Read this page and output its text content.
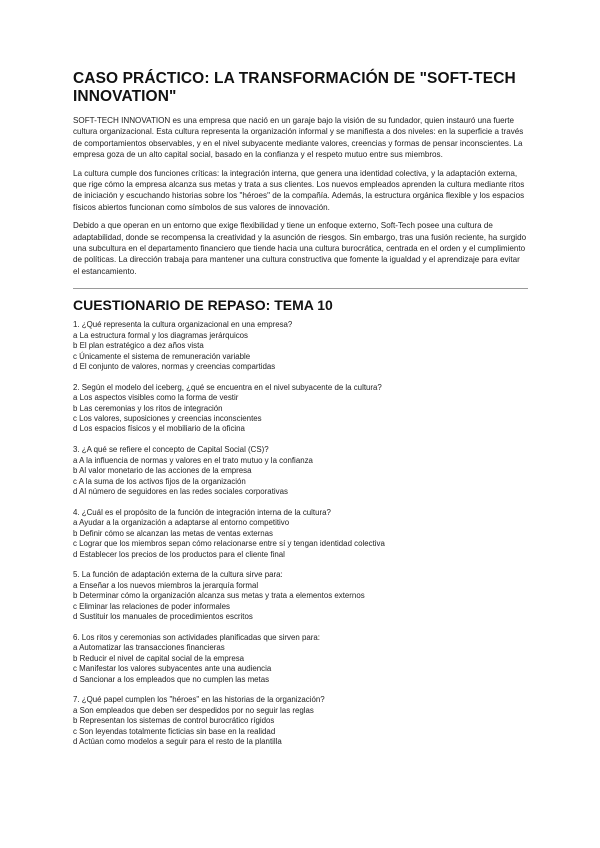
CASO PRÁCTICO: LA TRANSFORMACIÓN DE "SOFT-TECH INNOVATION"

SOFT-TECH INNOVATION es una empresa que nació en un garaje bajo la visión de su fundador, quien instauró una fuerte cultura organizacional. Esta cultura representa la organización informal y se manifiesta a dos niveles: en la superficie a través de comportamientos observables, y en el nivel subyacente mediante valores, creencias y formas de pensar inconscientes. La empresa goza de un alto capital social, basado en la confianza y el respeto mutuo entre sus miembros.

La cultura cumple dos funciones críticas: la integración interna, que genera una identidad colectiva, y la adaptación externa, que rige cómo la empresa alcanza sus metas y trata a sus clientes. Los nuevos empleados aprenden la cultura mediante ritos de iniciación y escuchando historias sobre los "héroes" de la compañía. Además, la estructura orgánica flexible y los espacios físicos abiertos funcionan como símbolos de sus valores de innovación.

Debido a que operan en un entorno que exige flexibilidad y tiene un enfoque externo, Soft-Tech posee una cultura de adaptabilidad, donde se recompensa la creatividad y la asunción de riesgos. Sin embargo, tras una fusión reciente, ha surgido una subcultura en el departamento financiero que tiende hacia una cultura burocrática, centrada en el orden y el cumplimiento de políticas. La dirección trabaja para mantener una cultura constructiva que fomente la igualdad y el aprendizaje para evitar el estancamiento.

CUESTIONARIO DE REPASO: TEMA 10

1. ¿Qué representa la cultura organizacional en una empresa?

a La estructura formal y los diagramas jerárquicos

b El plan estratégico a dez años vista

c Únicamente el sistema de remuneración variable

d El conjunto de valores, normas y creencias compartidas

2. Según el modelo del iceberg, ¿qué se encuentra en el nivel subyacente de la cultura?

a Los aspectos visibles como la forma de vestir

b Las ceremonias y los ritos de integración

c Los valores, suposiciones y creencias inconscientes

d Los espacios físicos y el mobiliario de la oficina

3. ¿A qué se refiere el concepto de Capital Social (CS)?

a A la influencia de normas y valores en el trato mutuo y la confianza

b Al valor monetario de las acciones de la empresa

c A la suma de los activos fijos de la organización

d Al número de seguidores en las redes sociales corporativas

4. ¿Cuál es el propósito de la función de integración interna de la cultura?

a Ayudar a la organización a adaptarse al entorno competitivo

b Definir cómo se alcanzan las metas de ventas externas

c Lograr que los miembros sepan cómo relacionarse entre sí y tengan identidad colectiva

d Establecer los precios de los productos para el cliente final

5. La función de adaptación externa de la cultura sirve para:

a Enseñar a los nuevos miembros la jerarquía formal

b Determinar cómo la organización alcanza sus metas y trata a elementos externos

c Eliminar las relaciones de poder informales

d Sustituir los manuales de procedimientos escritos

6. Los ritos y ceremonias son actividades planificadas que sirven para:

a Automatizar las transacciones financieras

b Reducir el nivel de capital social de la empresa

c Manifestar los valores subyacentes ante una audiencia

d Sancionar a los empleados que no cumplen las metas

7. ¿Qué papel cumplen los "héroes" en las historias de la organización?

a Son empleados que deben ser despedidos por no seguir las reglas

b Representan los sistemas de control burocrático rígidos

c Son leyendas totalmente ficticias sin base en la realidad

d Actúan como modelos a seguir para el resto de la plantilla
